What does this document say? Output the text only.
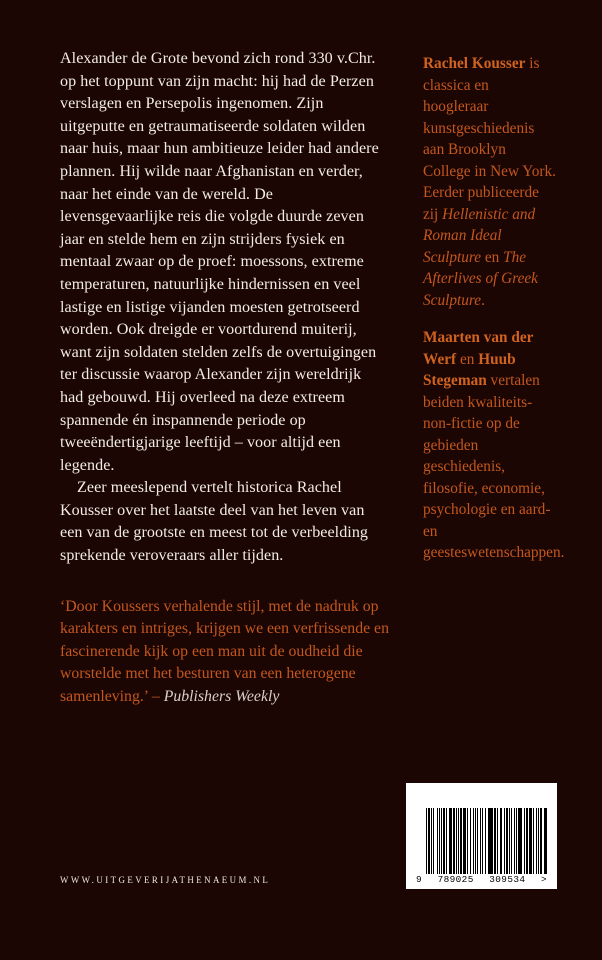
Alexander de Grote bevond zich rond 330 v.Chr. op het toppunt van zijn macht: hij had de Perzen verslagen en Persepolis ingenomen. Zijn uitgeputte en getraumatiseerde soldaten wilden naar huis, maar hun ambitieuze leider had andere plannen. Hij wilde naar Afghanistan en verder, naar het einde van de wereld. De levensgevaarlijke reis die volgde duurde zeven jaar en stelde hem en zijn strijders fysiek en mentaal zwaar op de proef: moessons, extreme temperaturen, natuurlijke hindernissen en veel lastige en listige vijanden moesten getrotseerd worden. Ook dreigde er voortdurend muiterij, want zijn soldaten stelden zelfs de overtuigingen ter discussie waarop Alexander zijn wereldrijk had gebouwd. Hij overleed na deze extreem spannende én inspannende periode op tweeëndertigjarige leeftijd – voor altijd een legende.

Zeer meeslepend vertelt historica Rachel Kousser over het laatste deel van het leven van een van de grootste en meest tot de verbeelding sprekende veroveraars aller tijden.

‘Door Koussers verhalende stijl, met de nadruk op karakters en intriges, krijgen we een verfrissende en fascinerende kijk op een man uit de oudheid die worstelde met het besturen van een heterogene samenleving.’ – Publishers Weekly

Rachel Kousser is classica en hoogleraar kunstgeschiedenis aan Brooklyn College in New York. Eerder publiceerde zij Hellenistic and Roman Ideal Sculpture en The Afterlives of Greek Sculpture.

Maarten van der Werf en Huub Stegeman vertalen beiden kwaliteits-non-fictie op de gebieden geschiedenis, filosofie, economie, psychologie en aard- en geesteswetenschappen.

9 789025 309534 >
WWW.UITGEVERIJATHENAEUM.NL
